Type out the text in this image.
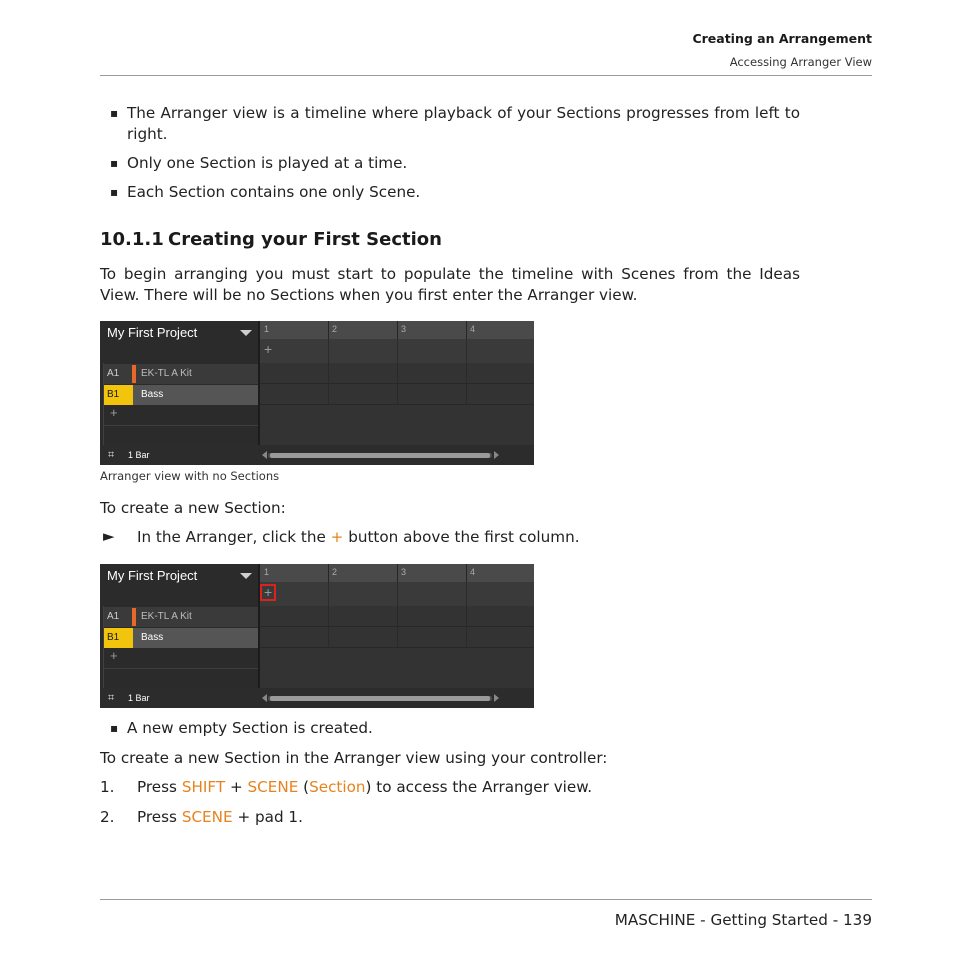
Creating an Arrangement
Accessing Arranger View
▪ The Arranger view is a timeline where playback of your Sections progresses from left to right.
▪ Only one Section is played at a time.
▪ Each Section contains one only Scene.
10.1.1 Creating your First Section
To begin arranging you must start to populate the timeline with Scenes from the Ideas View. There will be no Sections when you first enter the Arranger view.
My First Project	1	2	3	4
+
A1	EK-TL A Kit
B1	Bass
+
⌗ 1 Bar
Arranger view with no Sections
To create a new Section:
► In the Arranger, click the + button above the first column.
My First Project	1	2	3	4
+
A1	EK-TL A Kit
B1	Bass
+
⌗ 1 Bar
▪ A new empty Section is created.
To create a new Section in the Arranger view using your controller:
1. Press SHIFT + SCENE (Section) to access the Arranger view.
2. Press SCENE + pad 1.
MASCHINE - Getting Started - 139
